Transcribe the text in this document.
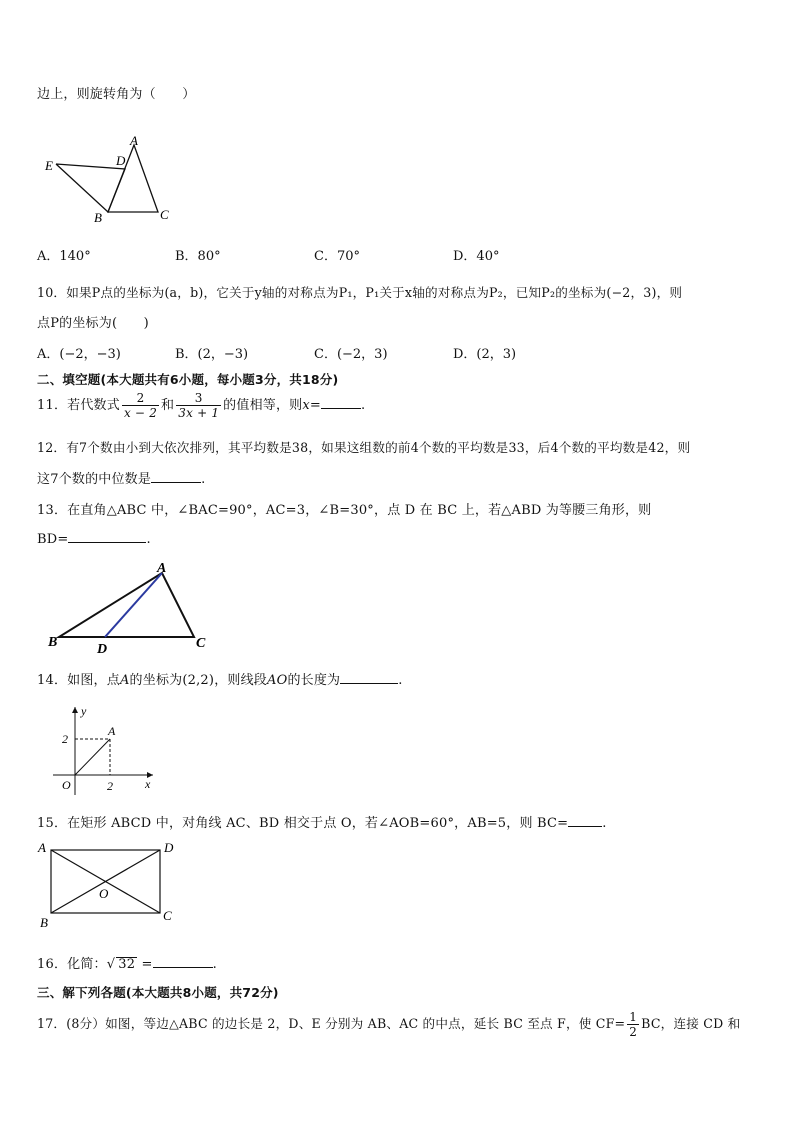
边上，则旋转角为（　　）
E	D
A
B	C
A．140°	B．80°	C．70°	D．40°
10．如果P点的坐标为(a，b)，它关于y轴的对称点为P₁，P₁关于x轴的对称点为P₂，已知P₂的坐标为(−2，3)，则
点P的坐标为(　　)
A．(−2，−3)	B．(2，−3)	C．(−2，3)	D．(2，3)
二、填空题(本大题共有6小题，每小题3分，共18分)
11．若代数式 $\frac{2}{x - 2}$ 和 $\frac{3}{3x + 1}$ 的值相等，则x=	.
12．有7个数由小到大依次排列，其平均数是38，如果这组数的前4个数的平均数是33，后4个数的平均数是42，则
这7个数的中位数是	.
13．在直角△ABC 中，∠BAC=90°，AC=3，∠B=30°，点 D 在 BC 上，若△ABD 为等腰三角形，则
BD=	.
A
B	C
D
14．如图，点A的坐标为(2,2)，则线段AO的长度为	.
y
x
O
A
2
2
15．在矩形 ABCD 中，对角线 AC、BD 相交于点 O，若∠AOB=60°，AB=5，则 BC=	.
A	D
B	C
O
16．化简：√ 32 =	.
三、解下列各题(本大题共8小题，共72分)
17．(8分）如图，等边△ABC 的边长是 2，D、E 分别为 AB、AC 的中点，延长 BC 至点 F，使 $CF= \frac{1}{2}$ BC，连接 CD 和
